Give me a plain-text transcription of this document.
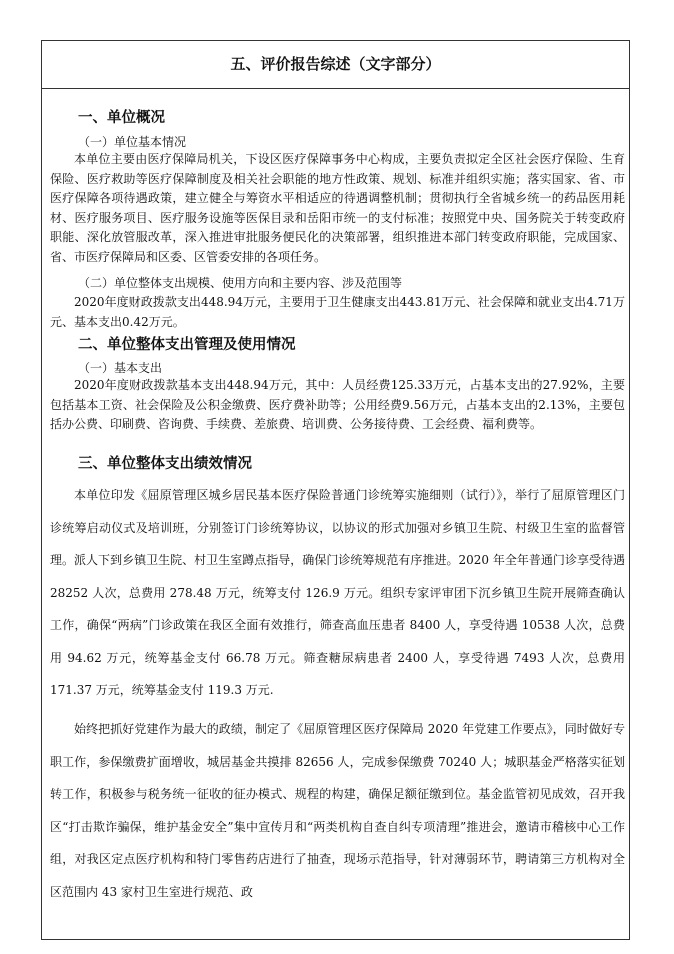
五、评价报告综述（文字部分）
一、单位概况
（一）单位基本情况

本单位主要由医疗保障局机关，下设区医疗保障事务中心构成，主要负责拟定全区社会医疗保险、生育保险、医疗救助等医疗保障制度及相关社会职能的地方性政策、规划、标准并组织实施；落实国家、省、市医疗保障各项待遇政策，建立健全与筹资水平相适应的待遇调整机制；贯彻执行全省城乡统一的药品医用耗材、医疗服务项目、医疗服务设施等医保目录和岳阳市统一的支付标准；按照党中央、国务院关于转变政府职能、深化放管服改革，深入推进审批服务便民化的决策部署，组织推进本部门转变政府职能，完成国家、省、市医疗保障局和区委、区管委安排的各项任务。

（二）单位整体支出规模、使用方向和主要内容、涉及范围等

2020年度财政拨款支出448.94万元，主要用于卫生健康支出443.81万元、社会保障和就业支出4.71万元、基本支出0.42万元。

二、单位整体支出管理及使用情况
（一）基本支出

2020年度财政拨款基本支出448.94万元，其中：人员经费125.33万元，占基本支出的27.92%，主要包括基本工资、社会保险及公积金缴费、医疗费补助等；公用经费9.56万元，占基本支出的2.13%，主要包括办公费、印刷费、咨询费、手续费、差旅费、培训费、公务接待费、工会经费、福利费等。

三、单位整体支出绩效情况

本单位印发《屈原管理区城乡居民基本医疗保险普通门诊统筹实施细则（试行）》，举行了屈原管理区门诊统筹启动仪式及培训班，分别签订门诊统筹协议，以协议的形式加强对乡镇卫生院、村级卫生室的监督管理。派人下到乡镇卫生院、村卫生室蹲点指导，确保门诊统筹规范有序推进。2020 年全年普通门诊享受待遇 28252 人次，总费用 278.48 万元，统筹支付 126.9 万元。组织专家评审团下沉乡镇卫生院开展筛查确认工作，确保“两病”门诊政策在我区全面有效推行，筛查高血压患者 8400 人，享受待遇 10538 人次，总费用 94.62 万元，统筹基金支付 66.78 万元。筛查糖尿病患者 2400 人，享受待遇 7493 人次，总费用 171.37 万元，统筹基金支付 119.3 万元.

始终把抓好党建作为最大的政绩，制定了《屈原管理区医疗保障局 2020 年党建工作要点》，同时做好专职工作，参保缴费扩面增收，城居基金共摸排 82656 人，完成参保缴费 70240 人；城职基金严格落实征划转工作，积极参与税务统一征收的征办模式、规程的构建，确保足额征缴到位。基金监管初见成效，召开我区“打击欺诈骗保，维护基金安全”集中宣传月和“两类机构自查自纠专项清理”推进会，邀请市稽核中心工作组，对我区定点医疗机构和特门零售药店进行了抽查，现场示范指导，针对薄弱环节，聘请第三方机构对全区范围内 43 家村卫生室进行规范、政
